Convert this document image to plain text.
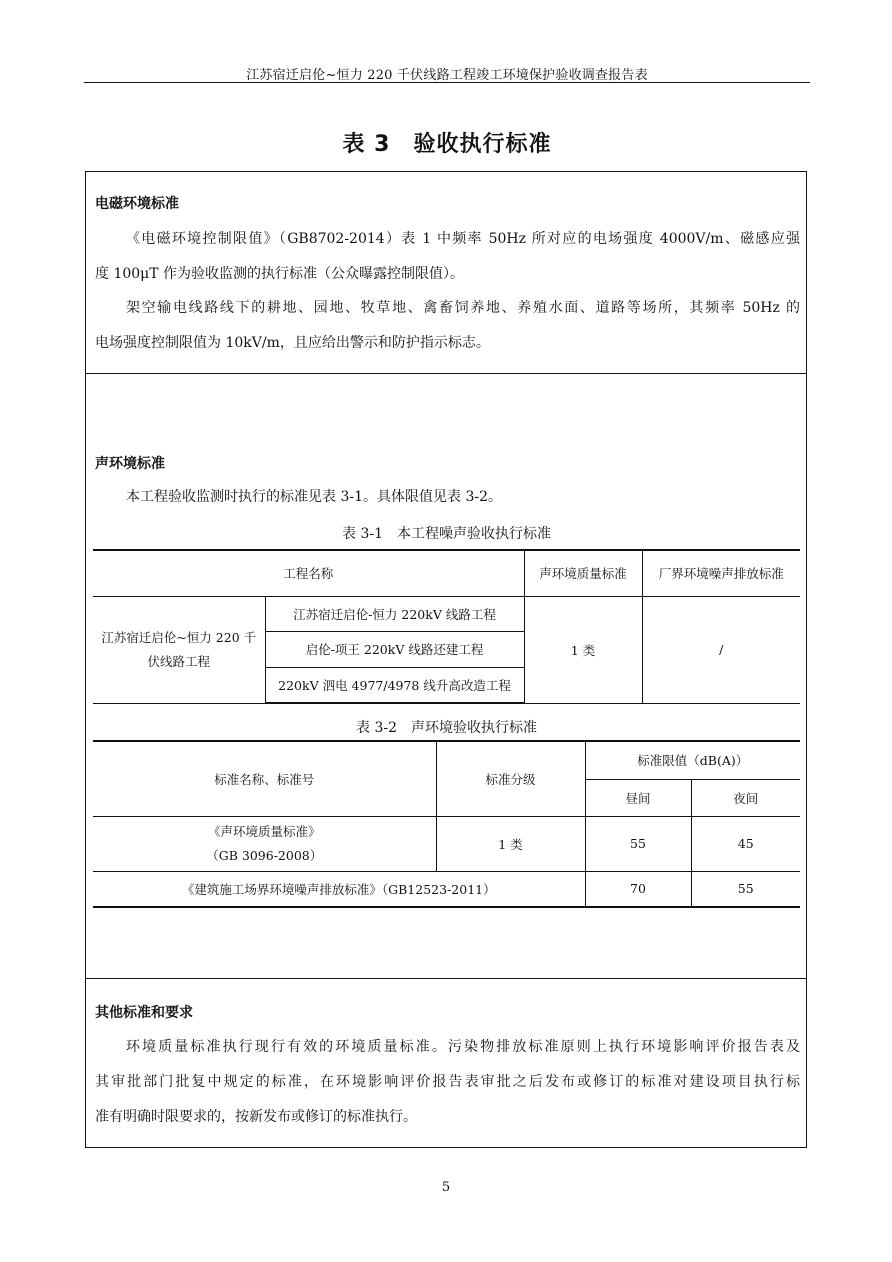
江苏宿迁启伦~恒力 220 千伏线路工程竣工环境保护验收调查报告表
表 3　验收执行标准
电磁环境标准
《电磁环境控制限值》（GB8702-2014）表 1 中频率 50Hz 所对应的电场强度 4000V/m、磁感应强
度 100μT 作为验收监测的执行标准（公众曝露控制限值）。
架空输电线路线下的耕地、园地、牧草地、禽畜饲养地、养殖水面、道路等场所，其频率 50Hz 的
电场强度控制限值为 10kV/m，且应给出警示和防护指示标志。
声环境标准
本工程验收监测时执行的标准见表 3-1。具体限值见表 3-2。
表 3-1　本工程噪声验收执行标准
工程名称		声环境质量标准	厂界环境噪声排放标准
江苏宿迁启伦~恒力 220 千伏线路工程	江苏宿迁启伦-恒力 220kV 线路工程	1 类	/
	启伦-项王 220kV 线路还建工程		
	220kV 泗电 4977/4978 线升高改造工程		
表 3-2　声环境验收执行标准
标准名称、标准号	标准分级	标准限值（dB(A)）	
		昼间	夜间

《声环境质量标准》
（GB 3096-2008）	1 类	55	45
《建筑施工场界环境噪声排放标准》（GB12523-2011）		70	55
其他标准和要求
环境质量标准执行现行有效的环境质量标准。污染物排放标准原则上执行环境影响评价报告表及
其审批部门批复中规定的标准，在环境影响评价报告表审批之后发布或修订的标准对建设项目执行标
准有明确时限要求的，按新发布或修订的标准执行。
5
